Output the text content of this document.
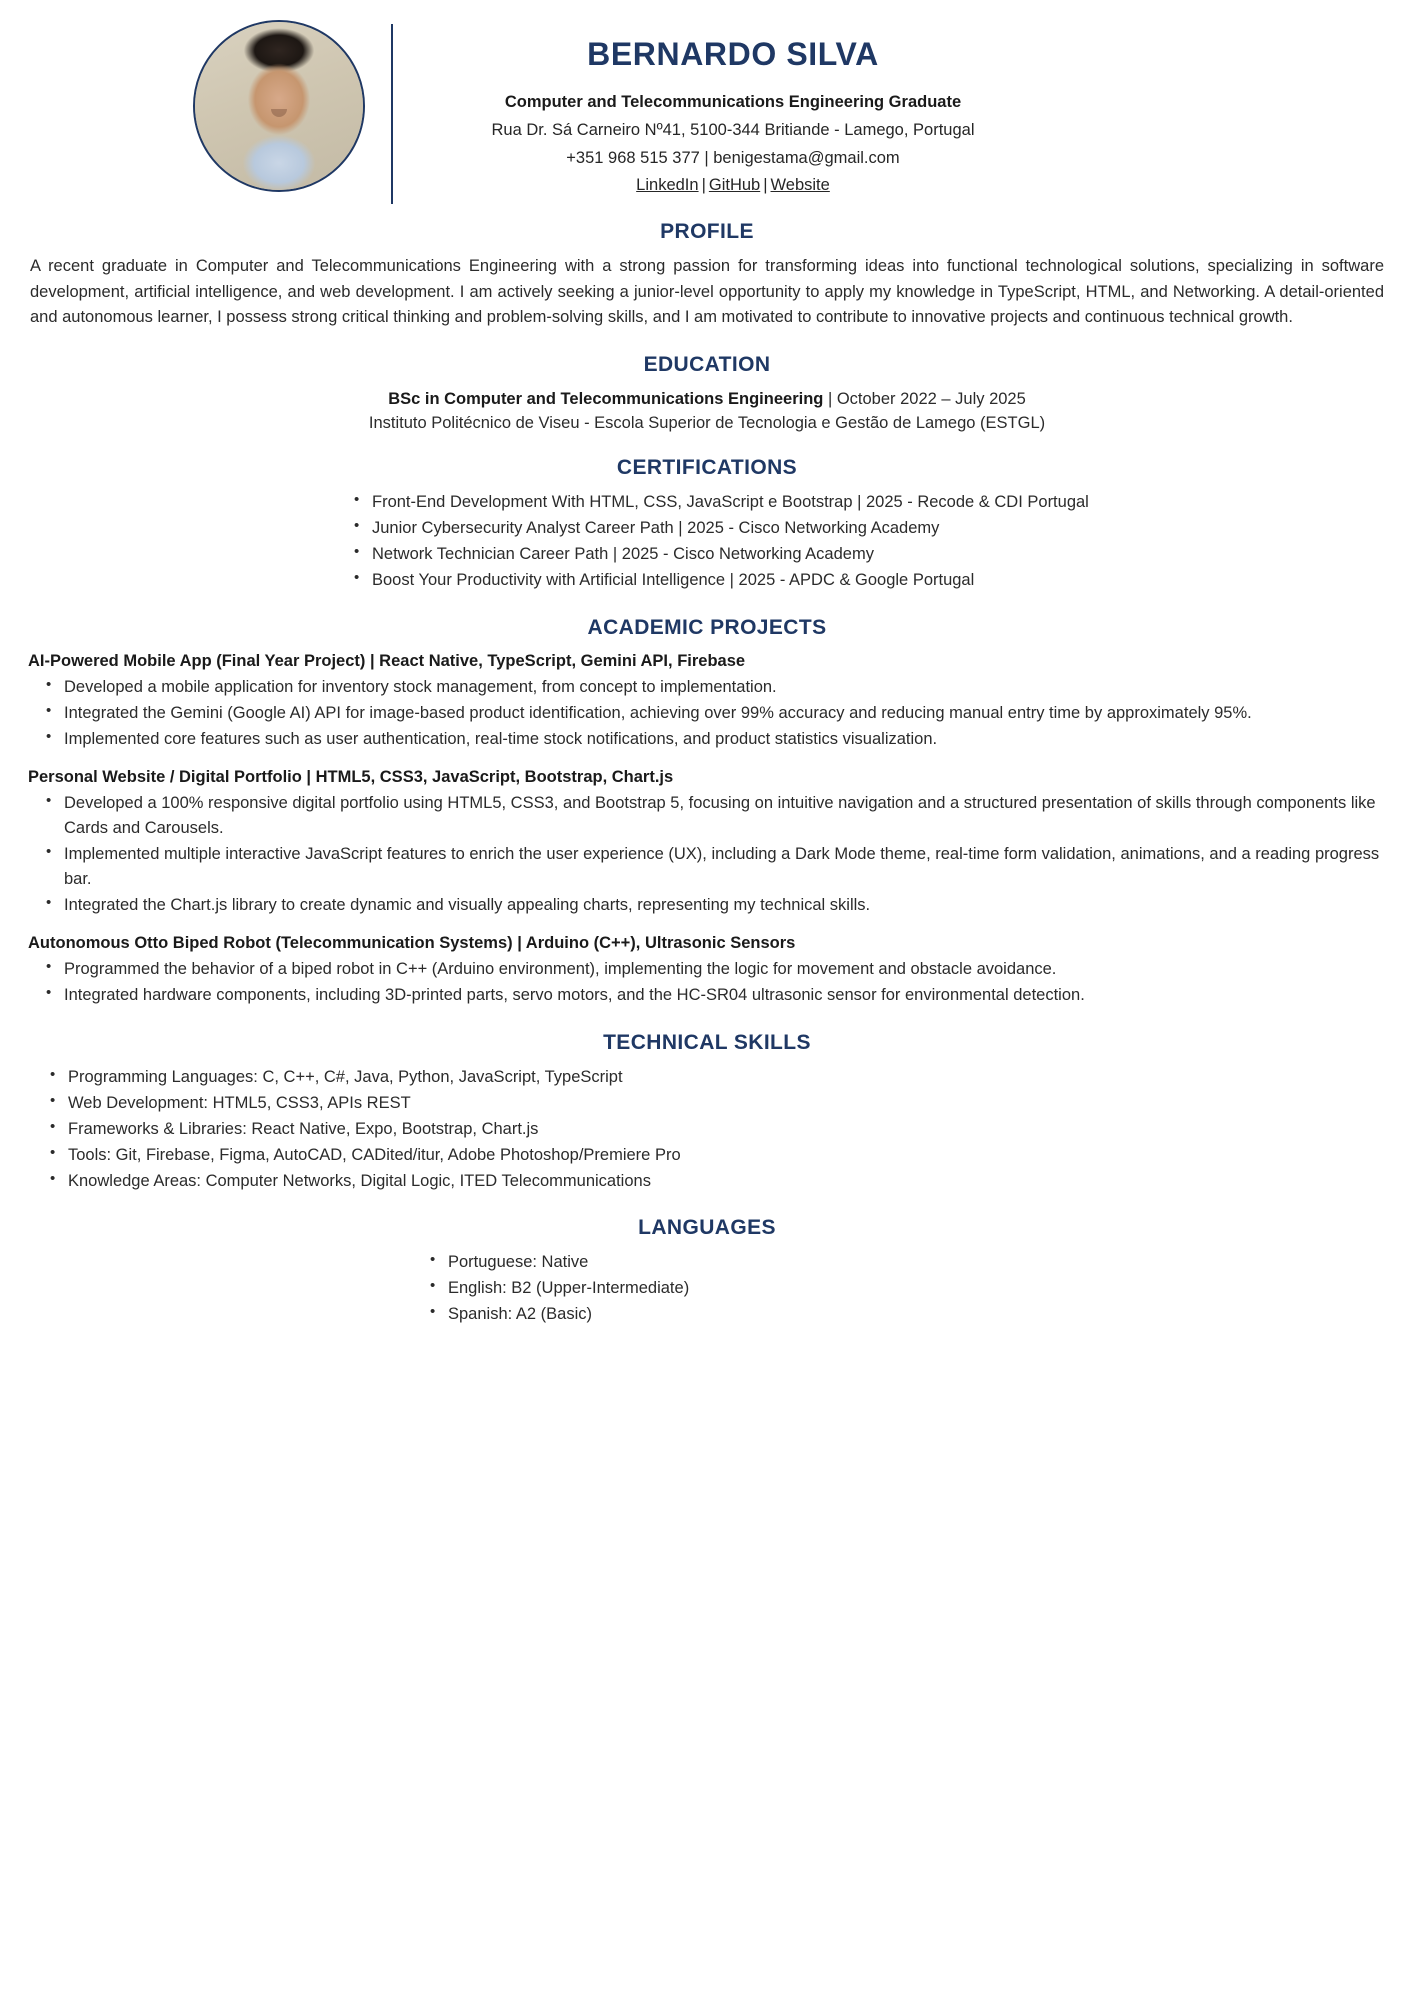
BERNARDO SILVA
Computer and Telecommunications Engineering Graduate
Rua Dr. Sá Carneiro Nº41, 5100-344 Britiande - Lamego, Portugal
+351 968 515 377 | benigestama@gmail.com
LinkedIn | GitHub | Website
PROFILE
A recent graduate in Computer and Telecommunications Engineering with a strong passion for transforming ideas into functional technological solutions, specializing in software development, artificial intelligence, and web development. I am actively seeking a junior-level opportunity to apply my knowledge in TypeScript, HTML, and Networking. A detail-oriented and autonomous learner, I possess strong critical thinking and problem-solving skills, and I am motivated to contribute to innovative projects and continuous technical growth.
EDUCATION
BSc in Computer and Telecommunications Engineering | October 2022 – July 2025
Instituto Politécnico de Viseu - Escola Superior de Tecnologia e Gestão de Lamego (ESTGL)
CERTIFICATIONS
• Front-End Development With HTML, CSS, JavaScript e Bootstrap | 2025 - Recode & CDI Portugal
• Junior Cybersecurity Analyst Career Path | 2025 - Cisco Networking Academy
• Network Technician Career Path | 2025 - Cisco Networking Academy
• Boost Your Productivity with Artificial Intelligence | 2025 - APDC & Google Portugal
ACADEMIC PROJECTS
AI-Powered Mobile App (Final Year Project) | React Native, TypeScript, Gemini API, Firebase
• Developed a mobile application for inventory stock management, from concept to implementation.
• Integrated the Gemini (Google AI) API for image-based product identification, achieving over 99% accuracy and reducing manual entry time by approximately 95%.
• Implemented core features such as user authentication, real-time stock notifications, and product statistics visualization.
Personal Website / Digital Portfolio | HTML5, CSS3, JavaScript, Bootstrap, Chart.js
• Developed a 100% responsive digital portfolio using HTML5, CSS3, and Bootstrap 5, focusing on intuitive navigation and a structured presentation of skills through components like Cards and Carousels.
• Implemented multiple interactive JavaScript features to enrich the user experience (UX), including a Dark Mode theme, real-time form validation, animations, and a reading progress bar.
• Integrated the Chart.js library to create dynamic and visually appealing charts, representing my technical skills.
Autonomous Otto Biped Robot (Telecommunication Systems) | Arduino (C++), Ultrasonic Sensors
• Programmed the behavior of a biped robot in C++ (Arduino environment), implementing the logic for movement and obstacle avoidance.
• Integrated hardware components, including 3D-printed parts, servo motors, and the HC-SR04 ultrasonic sensor for environmental detection.
TECHNICAL SKILLS
• Programming Languages: C, C++, C#, Java, Python, JavaScript, TypeScript
• Web Development: HTML5, CSS3, APIs REST
• Frameworks & Libraries: React Native, Expo, Bootstrap, Chart.js
• Tools: Git, Firebase, Figma, AutoCAD, CADited/itur, Adobe Photoshop/Premiere Pro
• Knowledge Areas: Computer Networks, Digital Logic, ITED Telecommunications
LANGUAGES
• Portuguese: Native
• English: B2 (Upper-Intermediate)
• Spanish: A2 (Basic)
